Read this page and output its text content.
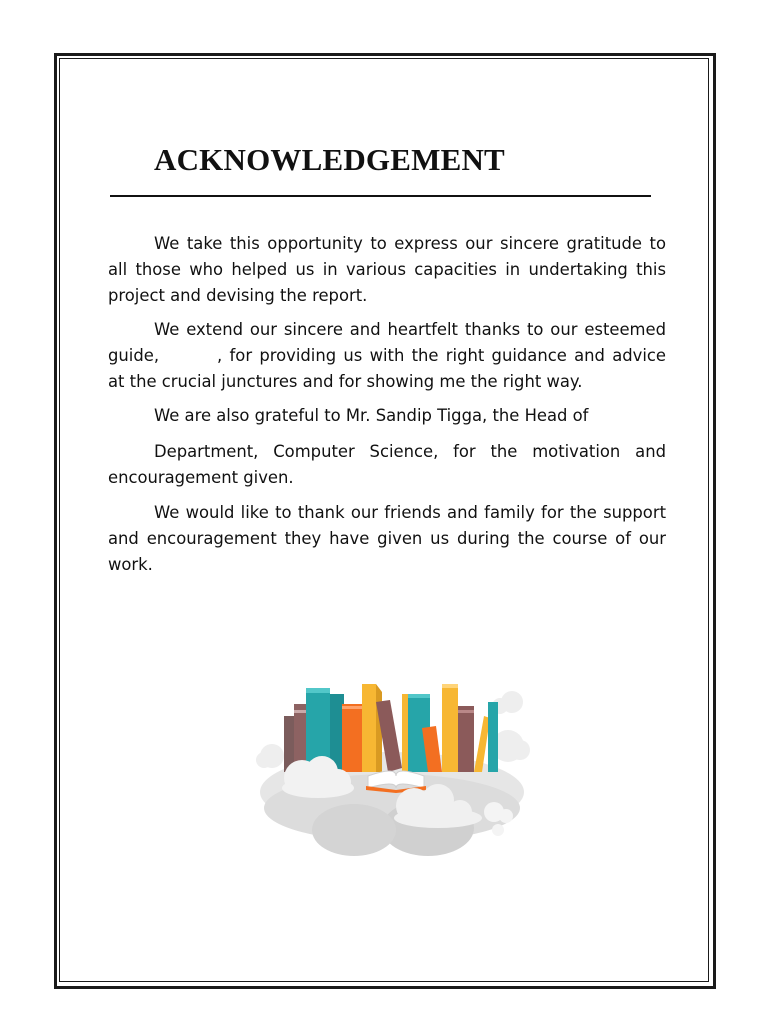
ACKNOWLEDGEMENT

We take this opportunity to express our sincere gratitude to all those who helped us in various capacities in undertaking this project and devising the report.

We extend our sincere and heartfelt thanks to our esteemed guide,	, for providing us with the right guidance and advice at the crucial junctures and for showing me the right way.

We are also grateful to Mr. Sandip Tigga, the Head of

Department, Computer Science, for the motivation and encouragement given.

We would like to thank our friends and family for the support and encouragement they have given us during the course of our work.
